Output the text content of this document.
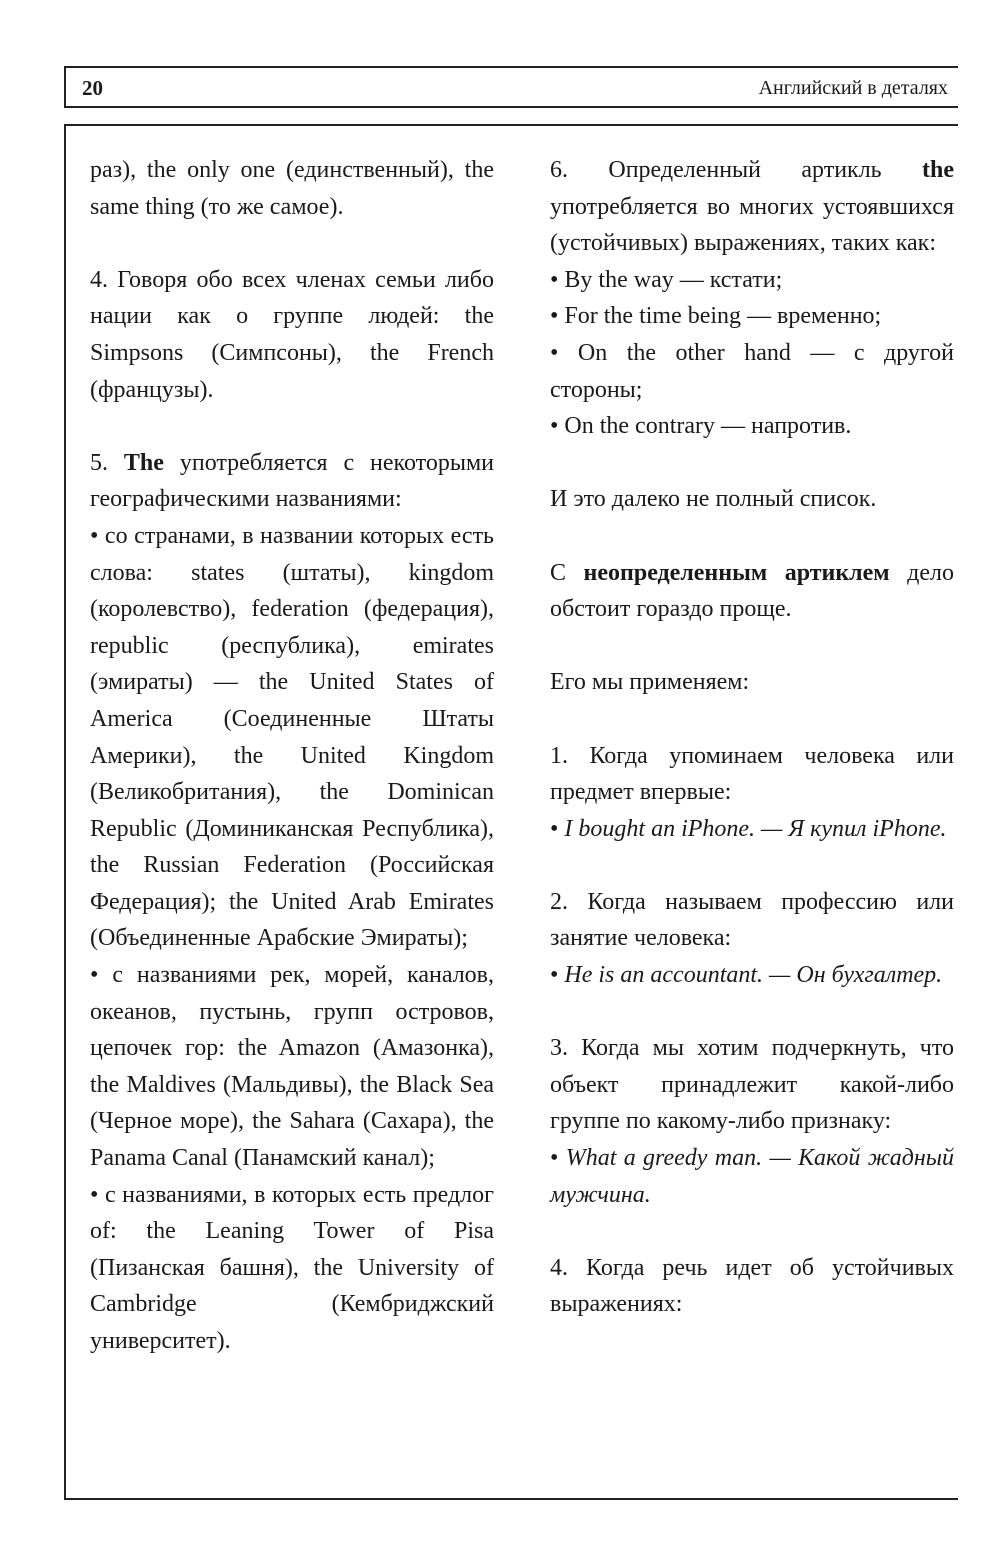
20	Английский в деталях

раз), the only one (единственный), the same thing (то же самое).

4. Говоря обо всех членах семьи либо нации как о группе людей: the Simpsons (Симпсоны), the French (французы).

5. The употребляется с некоторыми географическими названиями:

• со странами, в названии которых есть слова: states (штаты), kingdom (королевство), federation (федерация), republic (республика), emirates (эмираты) — the United States of America (Соединенные Штаты Америки), the United Kingdom (Великобритания), the Dominican Republic (Доминиканская Республика), the Russian Federation (Российская Федерация); the United Arab Emirates (Объединенные Арабские Эмираты);

• с названиями рек, морей, каналов, океанов, пустынь, групп островов, цепочек гор: the Amazon (Амазонка), the Maldives (Мальдивы), the Black Sea (Черное море), the Sahara (Сахара), the Panama Canal (Панамский канал);

• с названиями, в которых есть предлог of: the Leaning Tower of Pisa (Пизанская башня), the University of Cambridge (Кембриджский университет).

6. Определенный артикль the употребляется во многих устоявшихся (устойчивых) выражениях, таких как:

• By the way — кстати;

• For the time being — временно;

• On the other hand — с другой стороны;

• On the contrary — напротив.

И это далеко не полный список.

С неопределенным артиклем дело обстоит гораздо проще.

Его мы применяем:

1. Когда упоминаем человека или предмет впервые:

• I bought an iPhone. — Я купил iPhone.

2. Когда называем профессию или занятие человека:

• He is an accountant. — Он бухгалтер.

3. Когда мы хотим подчеркнуть, что объект принадлежит какой-либо группе по какому-либо признаку:

• What a greedy man. — Какой жадный мужчина.

4. Когда речь идет об устойчивых выражениях:
